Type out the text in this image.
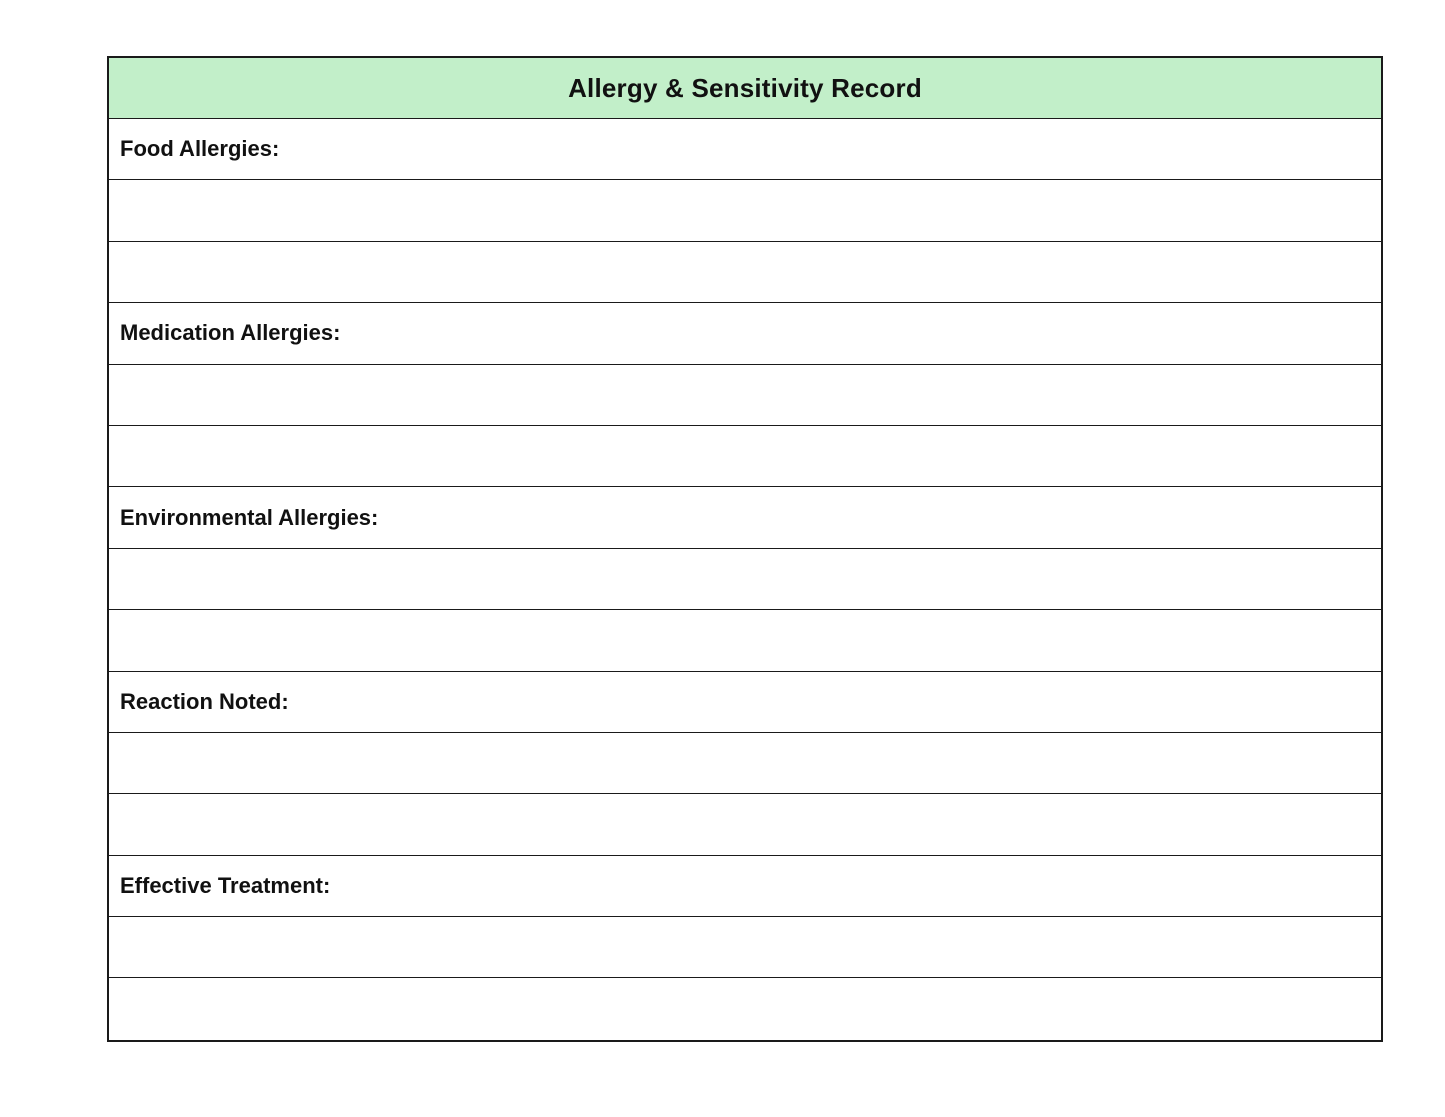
Allergy & Sensitivity Record
Food Allergies:
Medication Allergies:
Environmental Allergies:
Reaction Noted:
Effective Treatment:
